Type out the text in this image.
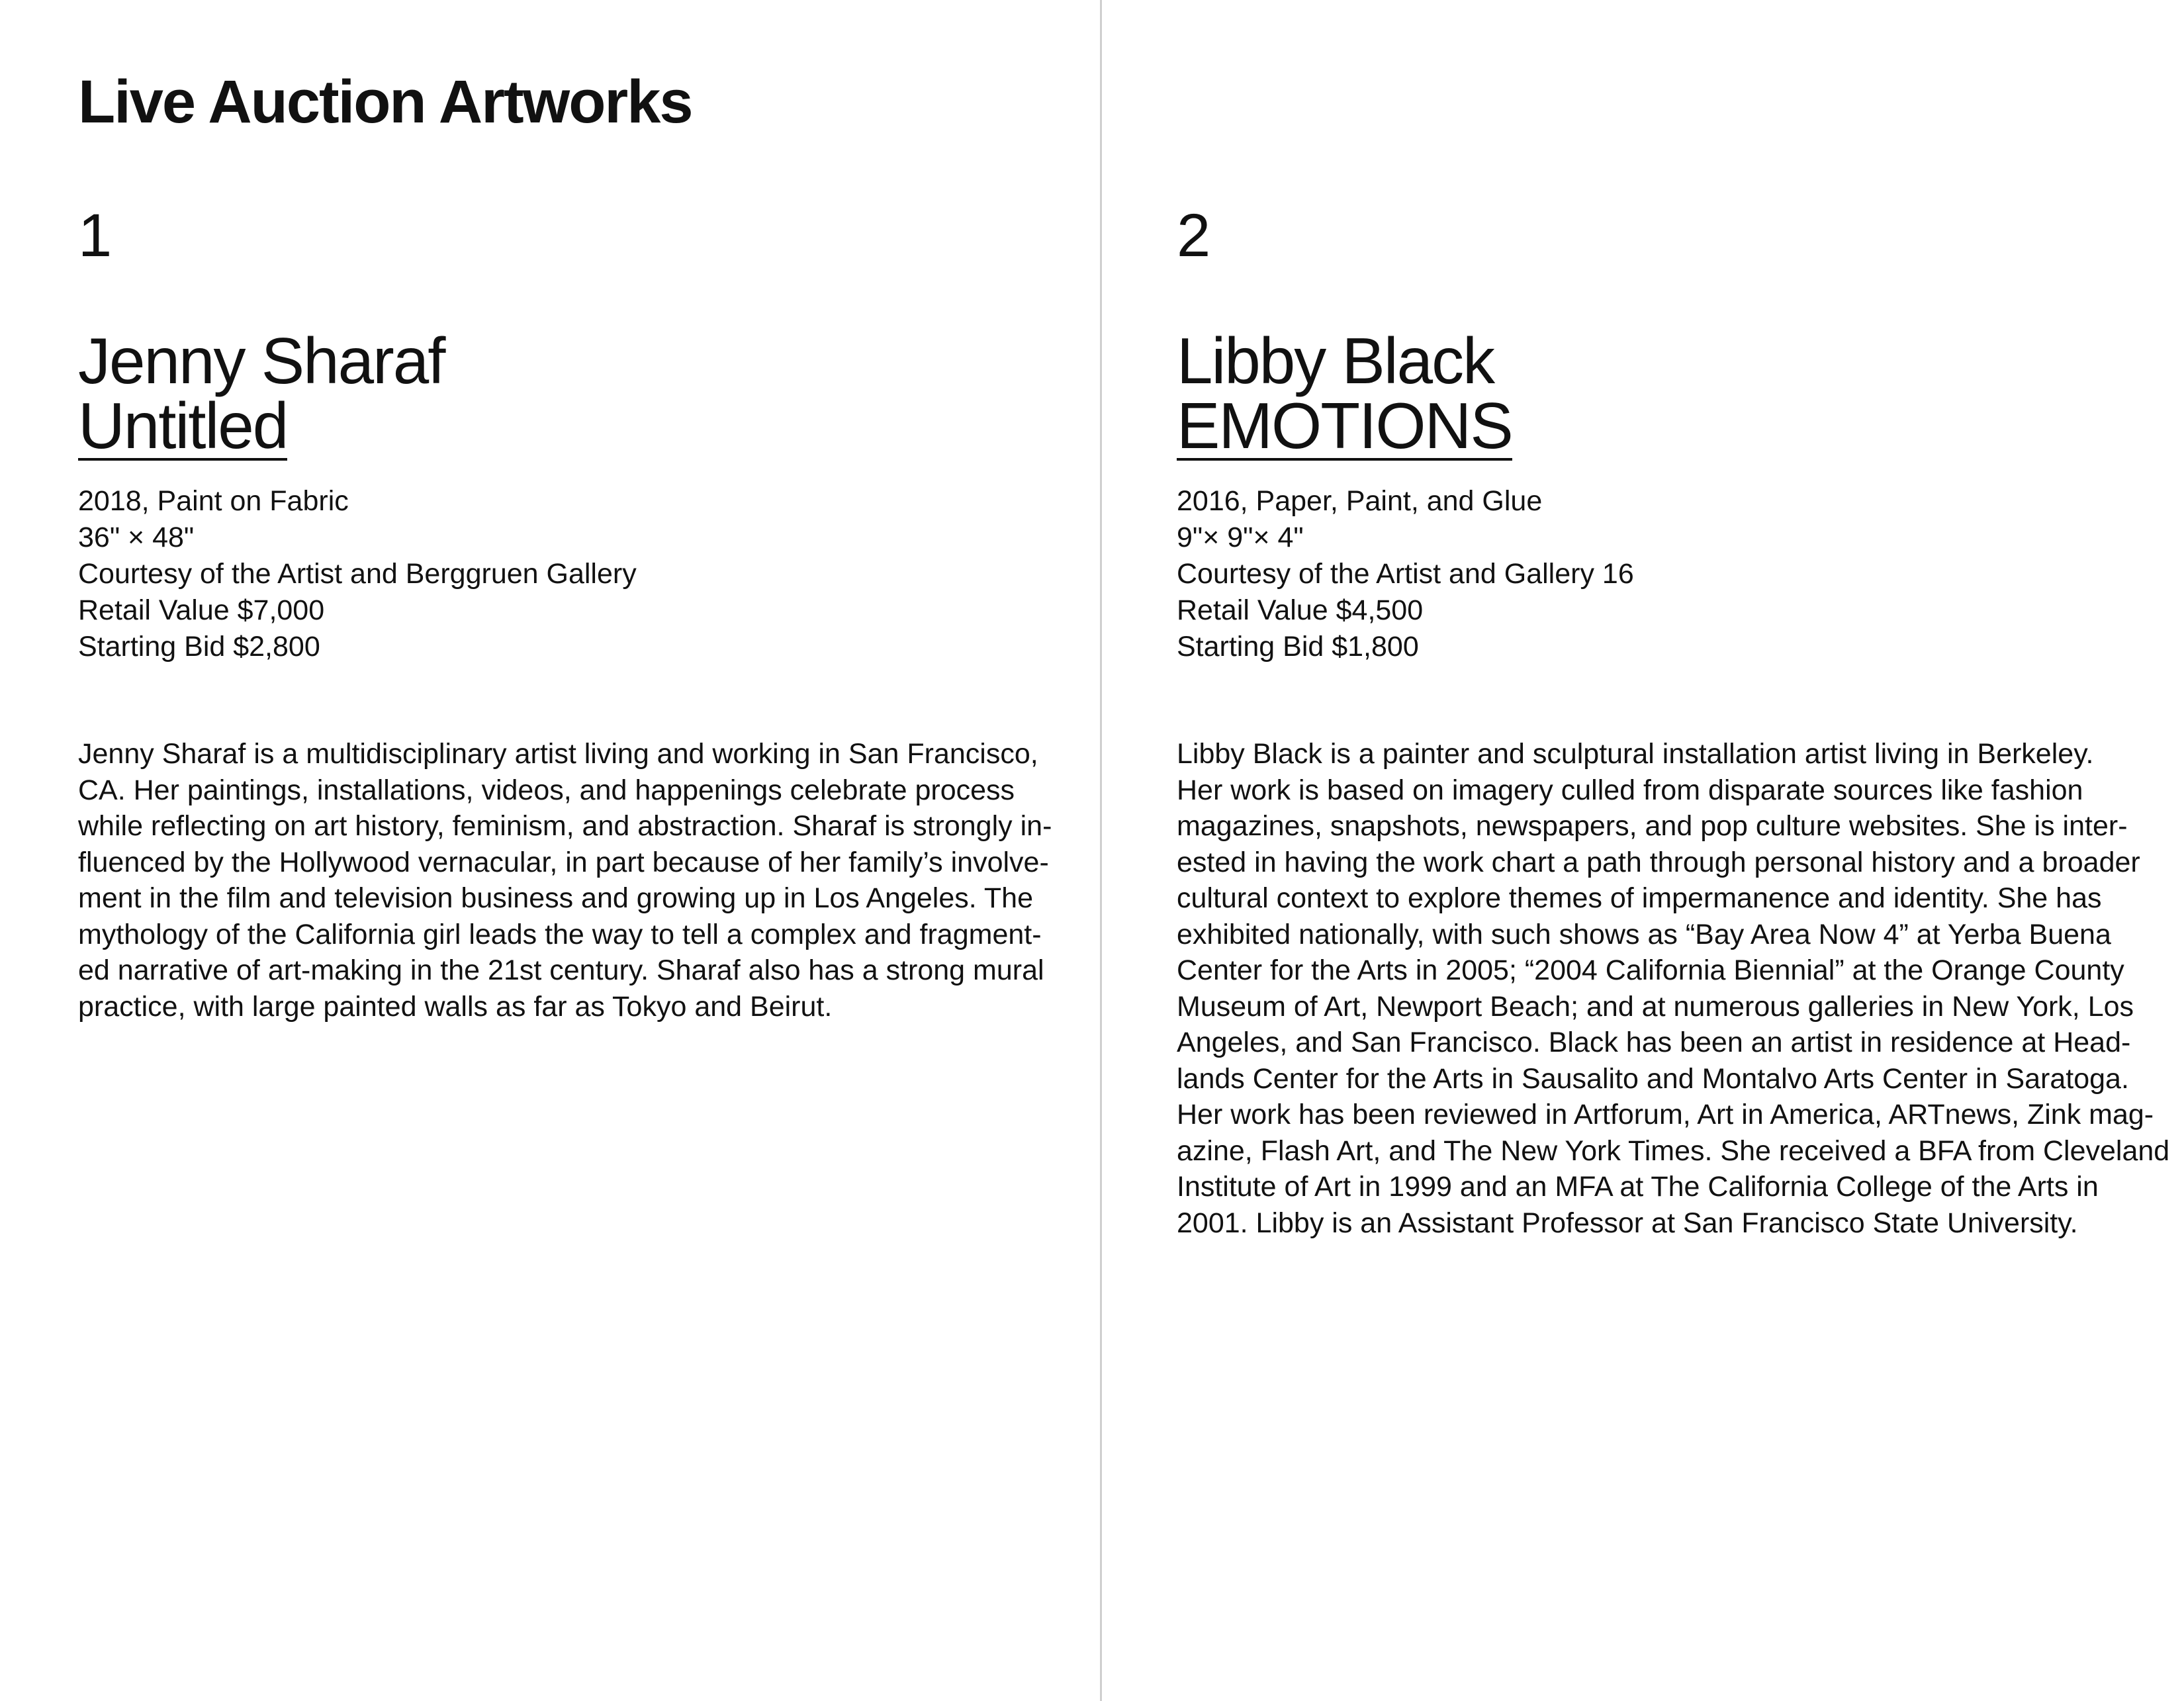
Live Auction Artworks
1
Jenny Sharaf
Untitled
2018, Paint on Fabric
36" × 48"
Courtesy of the Artist and Berggruen Gallery
Retail Value $7,000
Starting Bid $2,800

Jenny Sharaf is a multidisciplinary artist living and working in San Francisco,
CA. Her paintings, installations, videos, and happenings celebrate process
while reflecting on art history, feminism, and abstraction. Sharaf is strongly in-
fluenced by the Hollywood vernacular, in part because of her family’s involve-
ment in the film and television business and growing up in Los Angeles. The
mythology of the California girl leads the way to tell a complex and fragment-
ed narrative of art-making in the 21st century. Sharaf also has a strong mural
practice, with large painted walls as far as Tokyo and Beirut.

2
Libby Black
EMOTIONS
2016, Paper, Paint, and Glue
9"× 9"× 4"
Courtesy of the Artist and Gallery 16
Retail Value $4,500
Starting Bid $1,800

Libby Black is a painter and sculptural installation artist living in Berkeley.
Her work is based on imagery culled from disparate sources like fashion
magazines, snapshots, newspapers, and pop culture websites. She is inter-
ested in having the work chart a path through personal history and a broader
cultural context to explore themes of impermanence and identity. She has
exhibited nationally, with such shows as “Bay Area Now 4” at Yerba Buena
Center for the Arts in 2005; “2004 California Biennial” at the Orange County
Museum of Art, Newport Beach; and at numerous galleries in New York, Los
Angeles, and San Francisco. Black has been an artist in residence at Head-
lands Center for the Arts in Sausalito and Montalvo Arts Center in Saratoga.
Her work has been reviewed in Artforum, Art in America, ARTnews, Zink mag-
azine, Flash Art, and The New York Times. She received a BFA from Cleveland
Institute of Art in 1999 and an MFA at The California College of the Arts in
2001. Libby is an Assistant Professor at San Francisco State University.
